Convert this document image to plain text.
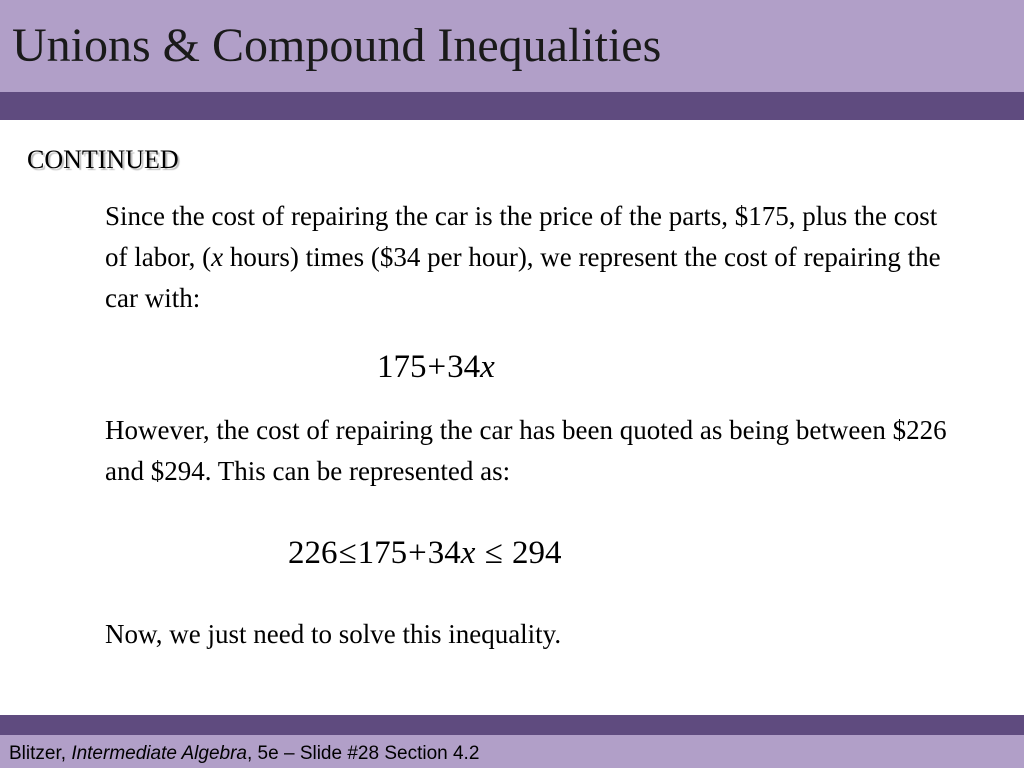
Unions & Compound Inequalities
CONTINUED

Since the cost of repairing the car is the price of the parts, $175, plus the cost of labor, (x hours) times ($34 per hour), we represent the cost of repairing the car with:

175+34x

However, the cost of repairing the car has been quoted as being between $226 and $294. This can be represented as:

226≤175+34x ≤ 294

Now, we just need to solve this inequality.

Blitzer, Intermediate Algebra, 5e – Slide #28 Section 4.2
